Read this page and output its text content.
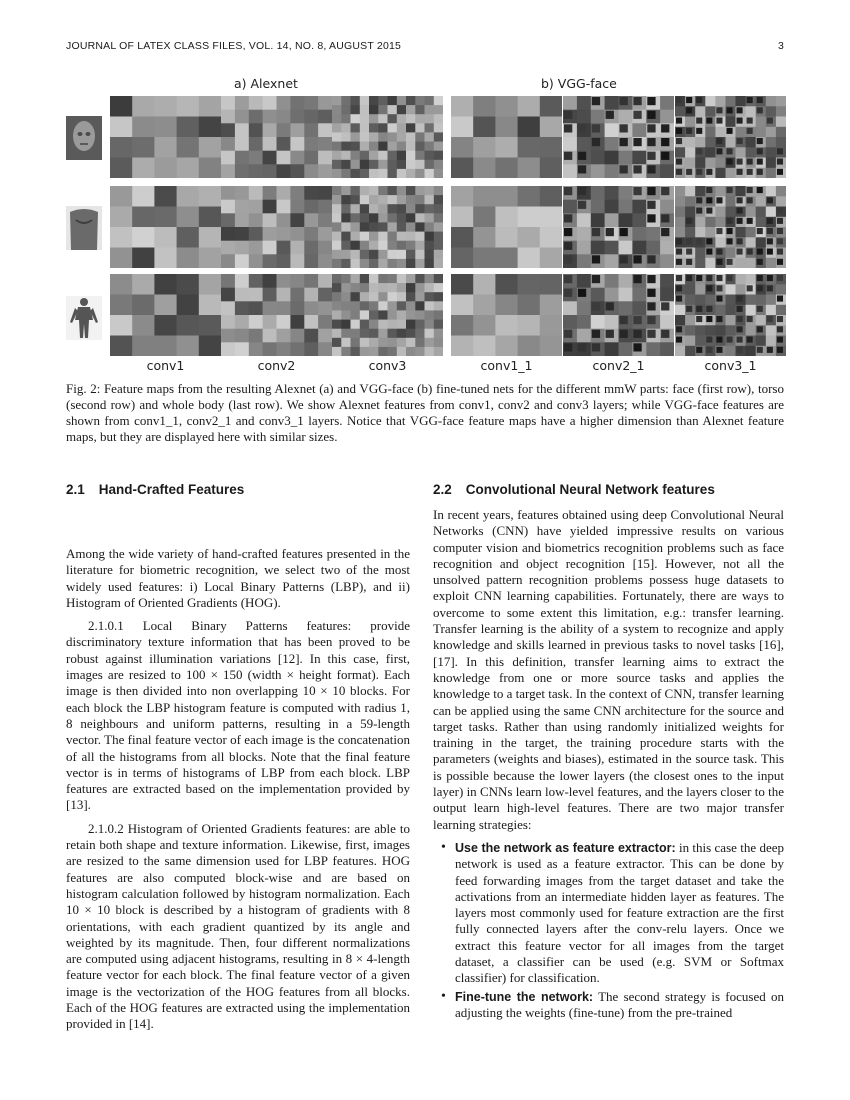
JOURNAL OF LATEX CLASS FILES, VOL. 14, NO. 8, AUGUST 2015	3
a) Alexnet	b) VGG-face
conv1	conv2	conv3	conv1_1	conv2_1	conv3_1
Fig. 2: Feature maps from the resulting Alexnet (a) and VGG-face (b) fine-tuned nets for the different mmW parts: face (first row), torso (second row) and whole body (last row). We show Alexnet features from conv1, conv2 and conv3 layers; while VGG-face features are shown from conv1_1, conv2_1 and conv3_1 layers. Notice that VGG-face feature maps have a higher dimension than Alexnet feature maps, but they are displayed here with similar sizes.
2.1 Hand-Crafted Features

Among the wide variety of hand-crafted features presented in the literature for biometric recognition, we select two of the most widely used features: i) Local Binary Patterns (LBP), and ii) Histogram of Oriented Gradients (HOG).

2.1.0.1 Local Binary Patterns features: provide discriminatory texture information that has been proved to be robust against illumination variations [12]. In this case, first, images are resized to 100 × 150 (width × height format). Each image is then divided into non overlapping 10 × 10 blocks. For each block the LBP histogram feature is computed with radius 1, 8 neighbours and uniform patterns, resulting in a 59-length vector. The final feature vector of each image is the concatenation of all the histograms from all blocks. Note that the final feature vector is in terms of histograms of LBP from each block. LBP features are extracted based on the implementation provided by [13].

2.1.0.2 Histogram of Oriented Gradients features: are able to retain both shape and texture information. Likewise, first, images are resized to the same dimension used for LBP features. HOG features are also computed block-wise and are based on histogram calculation followed by histogram normalization. Each 10 × 10 block is described by a histogram of gradients with 8 orientations, with each gradient quantized by its angle and weighted by its magnitude. Then, four different normalizations are computed using adjacent histograms, resulting in 8 × 4-length feature vector for each block. The final feature vector of a given image is the vectorization of the HOG features from all blocks. Each of the HOG features are extracted using the implementation provided in [14].

2.2 Convolutional Neural Network features

In recent years, features obtained using deep Convolutional Neural Networks (CNN) have yielded impressive results on various computer vision and biometrics recognition problems such as face recognition and object recognition [15]. However, not all the unsolved pattern recognition problems possess huge datasets to exploit CNN learning capabilities. Fortunately, there are ways to overcome to some extent this limitation, e.g.: transfer learning. Transfer learning is the ability of a system to recognize and apply knowledge and skills learned in previous tasks to novel tasks [16], [17]. In this definition, transfer learning aims to extract the knowledge from one or more source tasks and applies the knowledge to a target task. In the context of CNN, transfer learning can be applied using the same CNN architecture for the source and target tasks. Rather than using randomly initialized weights for training in the target, the training procedure starts with the parameters (weights and biases), estimated in the source task. This is possible because the lower layers (the closest ones to the input layer) in CNNs learn low-level features, and the layers closer to the output learn high-level features. There are two major transfer learning strategies:

• Use the network as feature extractor: in this case the deep network is used as a feature extractor. This can be done by feed forwarding images from the target dataset and take the activations from an intermediate hidden layer as features. The layers most commonly used for feature extraction are the first fully connected layers after the conv-relu layers. Once we extract this feature vector for all images from the target dataset, a classifier can be used (e.g. SVM or Softmax classifier) for classification.
• Fine-tune the network: The second strategy is focused on adjusting the weights (fine-tune) from the pre-trained
